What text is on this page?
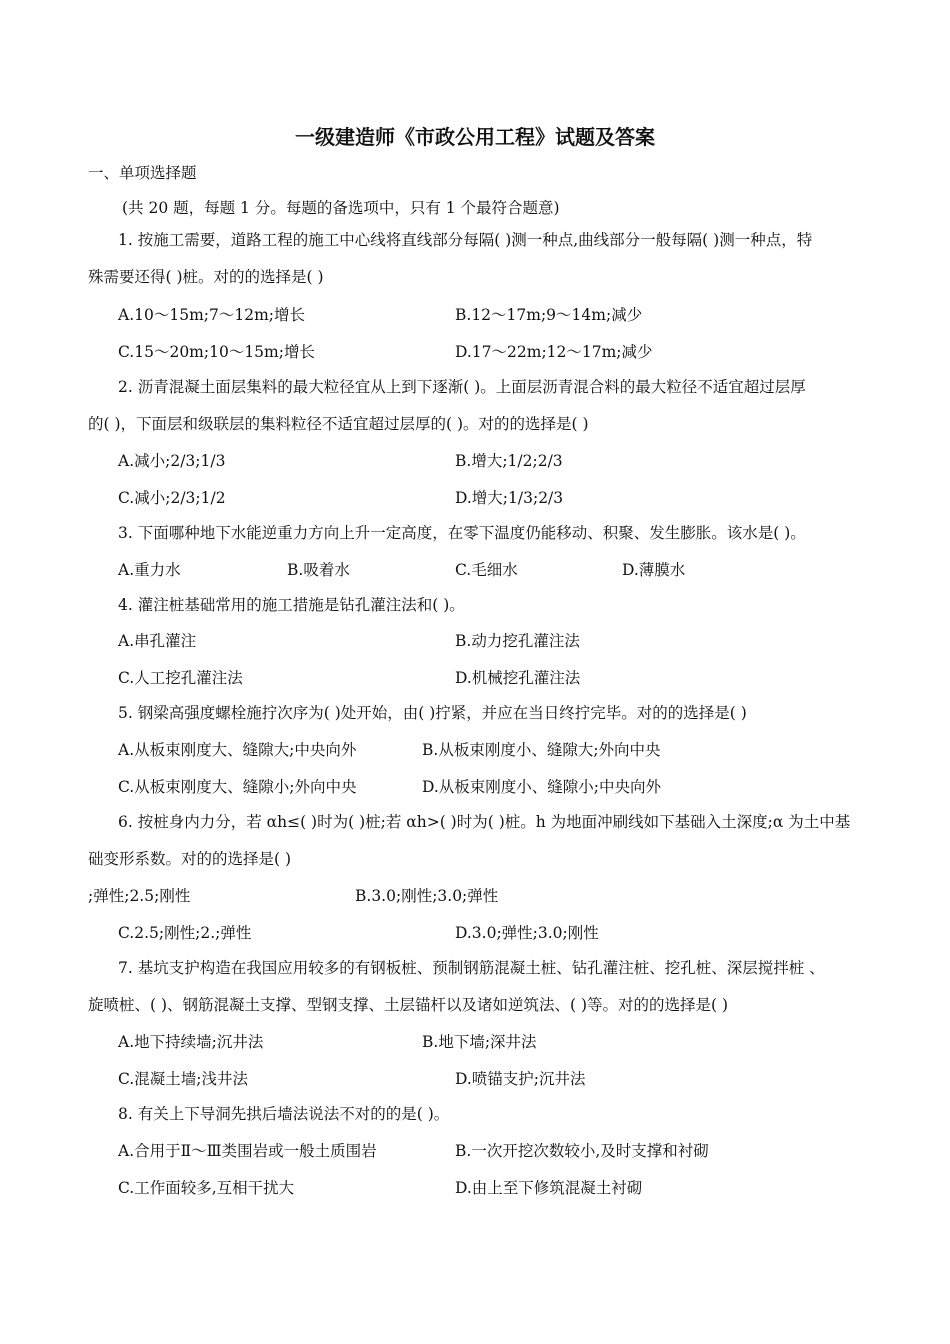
一级建造师《市政公用工程》试题及答案
一、单项选择题
(共 20 题，每题 1 分。每题的备选项中，只有 1 个最符合题意)
1. 按施工需要，道路工程的施工中心线将直线部分每隔( )测一种点,曲线部分一般每隔( )测一种点，特
殊需要还得( )桩。对的的选择是( )
A.10～15m;7～12m;增长	B.12～17m;9～14m;减少
C.15～20m;10～15m;增长	D.17～22m;12～17m;减少
2. 沥青混凝土面层集料的最大粒径宜从上到下逐渐( )。上面层沥青混合料的最大粒径不适宜超过层厚
的( )，下面层和级联层的集料粒径不适宜超过层厚的( )。对的的选择是( )
A.减小;2/3;1/3	B.增大;1/2;2/3
C.减小;2/3;1/2	D.增大;1/3;2/3
3. 下面哪种地下水能逆重力方向上升一定高度，在零下温度仍能移动、积聚、发生膨胀。该水是( )。
A.重力水	B.吸着水	C.毛细水	D.薄膜水
4. 灌注桩基础常用的施工措施是钻孔灌注法和( )。
A.串孔灌注	B.动力挖孔灌注法
C.人工挖孔灌注法	D.机械挖孔灌注法
5. 钢梁高强度螺栓施拧次序为( )处开始，由( )拧紧，并应在当日终拧完毕。对的的选择是( )
A.从板束刚度大、缝隙大;中央向外	B.从板束刚度小、缝隙大;外向中央
C.从板束刚度大、缝隙小;外向中央	D.从板束刚度小、缝隙小;中央向外
6. 按桩身内力分，若 αh≤( )时为( )桩;若 αh>( )时为( )桩。h 为地面冲刷线如下基础入土深度;α 为土中基
础变形系数。对的的选择是( )
;弹性;2.5;刚性	B.3.0;刚性;3.0;弹性
C.2.5;刚性;2.;弹性	D.3.0;弹性;3.0;刚性
7. 基坑支护构造在我国应用较多的有钢板桩、预制钢筋混凝土桩、钻孔灌注桩、挖孔桩、深层搅拌桩 、
旋喷桩、( )、钢筋混凝土支撑、型钢支撑、土层锚杆以及诸如逆筑法、( )等。对的的选择是( )
A.地下持续墙;沉井法	B.地下墙;深井法
C.混凝土墙;浅井法	D.喷锚支护;沉井法
8. 有关上下导洞先拱后墙法说法不对的的是( )。
A.合用于Ⅱ～Ⅲ类围岩或一般土质围岩	B.一次开挖次数较小,及时支撑和衬砌
C.工作面较多,互相干扰大	D.由上至下修筑混凝土衬砌
